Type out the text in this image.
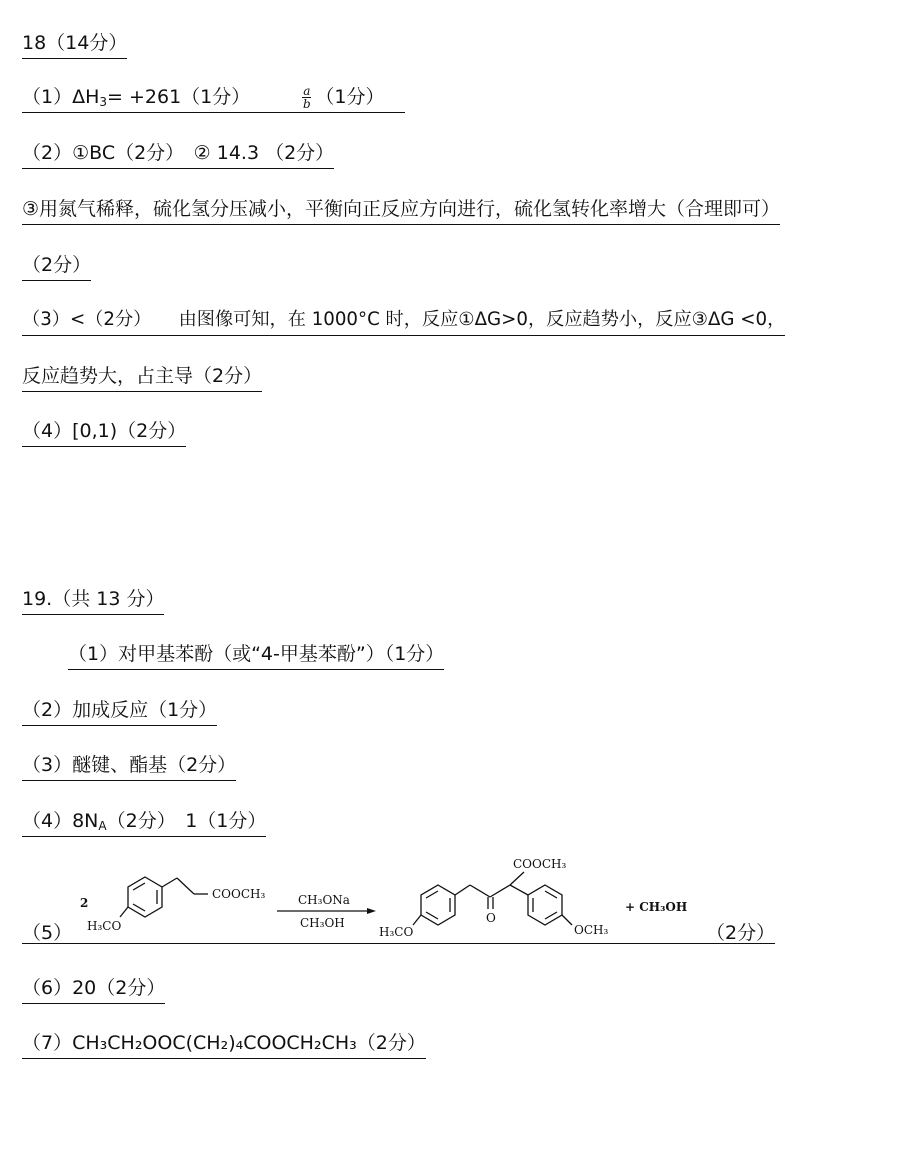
18（14分）
$(1)\Delta H_3= +261(1$分）	$\frac{a}{b} (1$分）
（2）①BC（2分）　② 14.3 （2分）
③用氮气稀释，硫化氢分压减小，平衡向正反应方向进行，硫化氢转化率增大（合理即可）
（2分）
（3）<（2分）　　由图像可知，在 1000°C 时，反应①ΔG>0，反应趋势小，反应③ΔG <0，
反应趋势大，占主导（2分）
（4）[0,1)（2分）
19.（共 13 分）
（1）对甲基苯酚（或“4-甲基苯酚”）（1分）
（2）加成反应（1分）
（3）醚键、酯基（2分）
$(4)8N_A(2$分）　1（1分）
（5）	（2分）
2
COOCH₃
H₃CO
CH₃ONa
CH₃OH
COOCH₃
O
H₃CO	OCH₃
+ CH₃OH
（6）20（2分）
（7）CH₃CH₂OOC(CH₂)₄COOCH₂CH₃（2分）
